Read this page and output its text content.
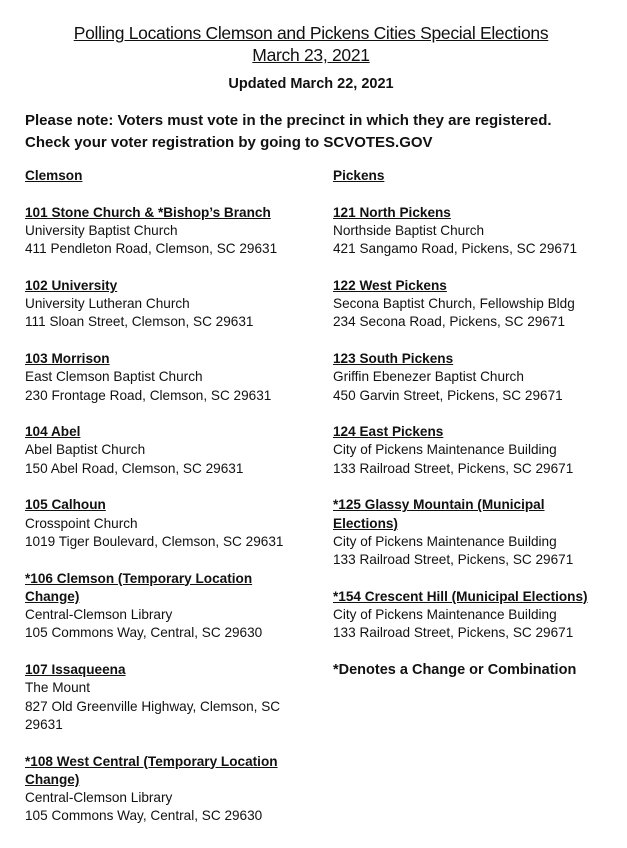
Polling Locations Clemson and Pickens Cities Special Elections
March 23, 2021
Updated March 22, 2021
Please note: Voters must vote in the precinct in which they are registered. Check your voter registration by going to SCVOTES.GOV
Clemson
101 Stone Church & *Bishop’s Branch
University Baptist Church
411 Pendleton Road, Clemson, SC 29631
102 University
University Lutheran Church
111 Sloan Street, Clemson, SC 29631
103 Morrison
East Clemson Baptist Church
230 Frontage Road, Clemson, SC 29631
104 Abel
Abel Baptist Church
150 Abel Road, Clemson, SC 29631
105 Calhoun
Crosspoint Church
1019 Tiger Boulevard, Clemson, SC 29631
*106 Clemson (Temporary Location Change)
Central-Clemson Library
105 Commons Way, Central, SC 29630
107 Issaqueena
The Mount
827 Old Greenville Highway, Clemson, SC 29631
*108 West Central (Temporary Location Change)
Central-Clemson Library
105 Commons Way, Central, SC 29630
Pickens
121 North Pickens
Northside Baptist Church
421 Sangamo Road, Pickens, SC 29671
122 West Pickens
Secona Baptist Church, Fellowship Bldg
234 Secona Road, Pickens, SC 29671
123 South Pickens
Griffin Ebenezer Baptist Church
450 Garvin Street, Pickens, SC 29671
124 East Pickens
City of Pickens Maintenance Building
133 Railroad Street, Pickens, SC 29671
*125 Glassy Mountain (Municipal Elections)
City of Pickens Maintenance Building
133 Railroad Street, Pickens, SC 29671
*154 Crescent Hill (Municipal Elections)
City of Pickens Maintenance Building
133 Railroad Street, Pickens, SC 29671
*Denotes a Change or Combination
